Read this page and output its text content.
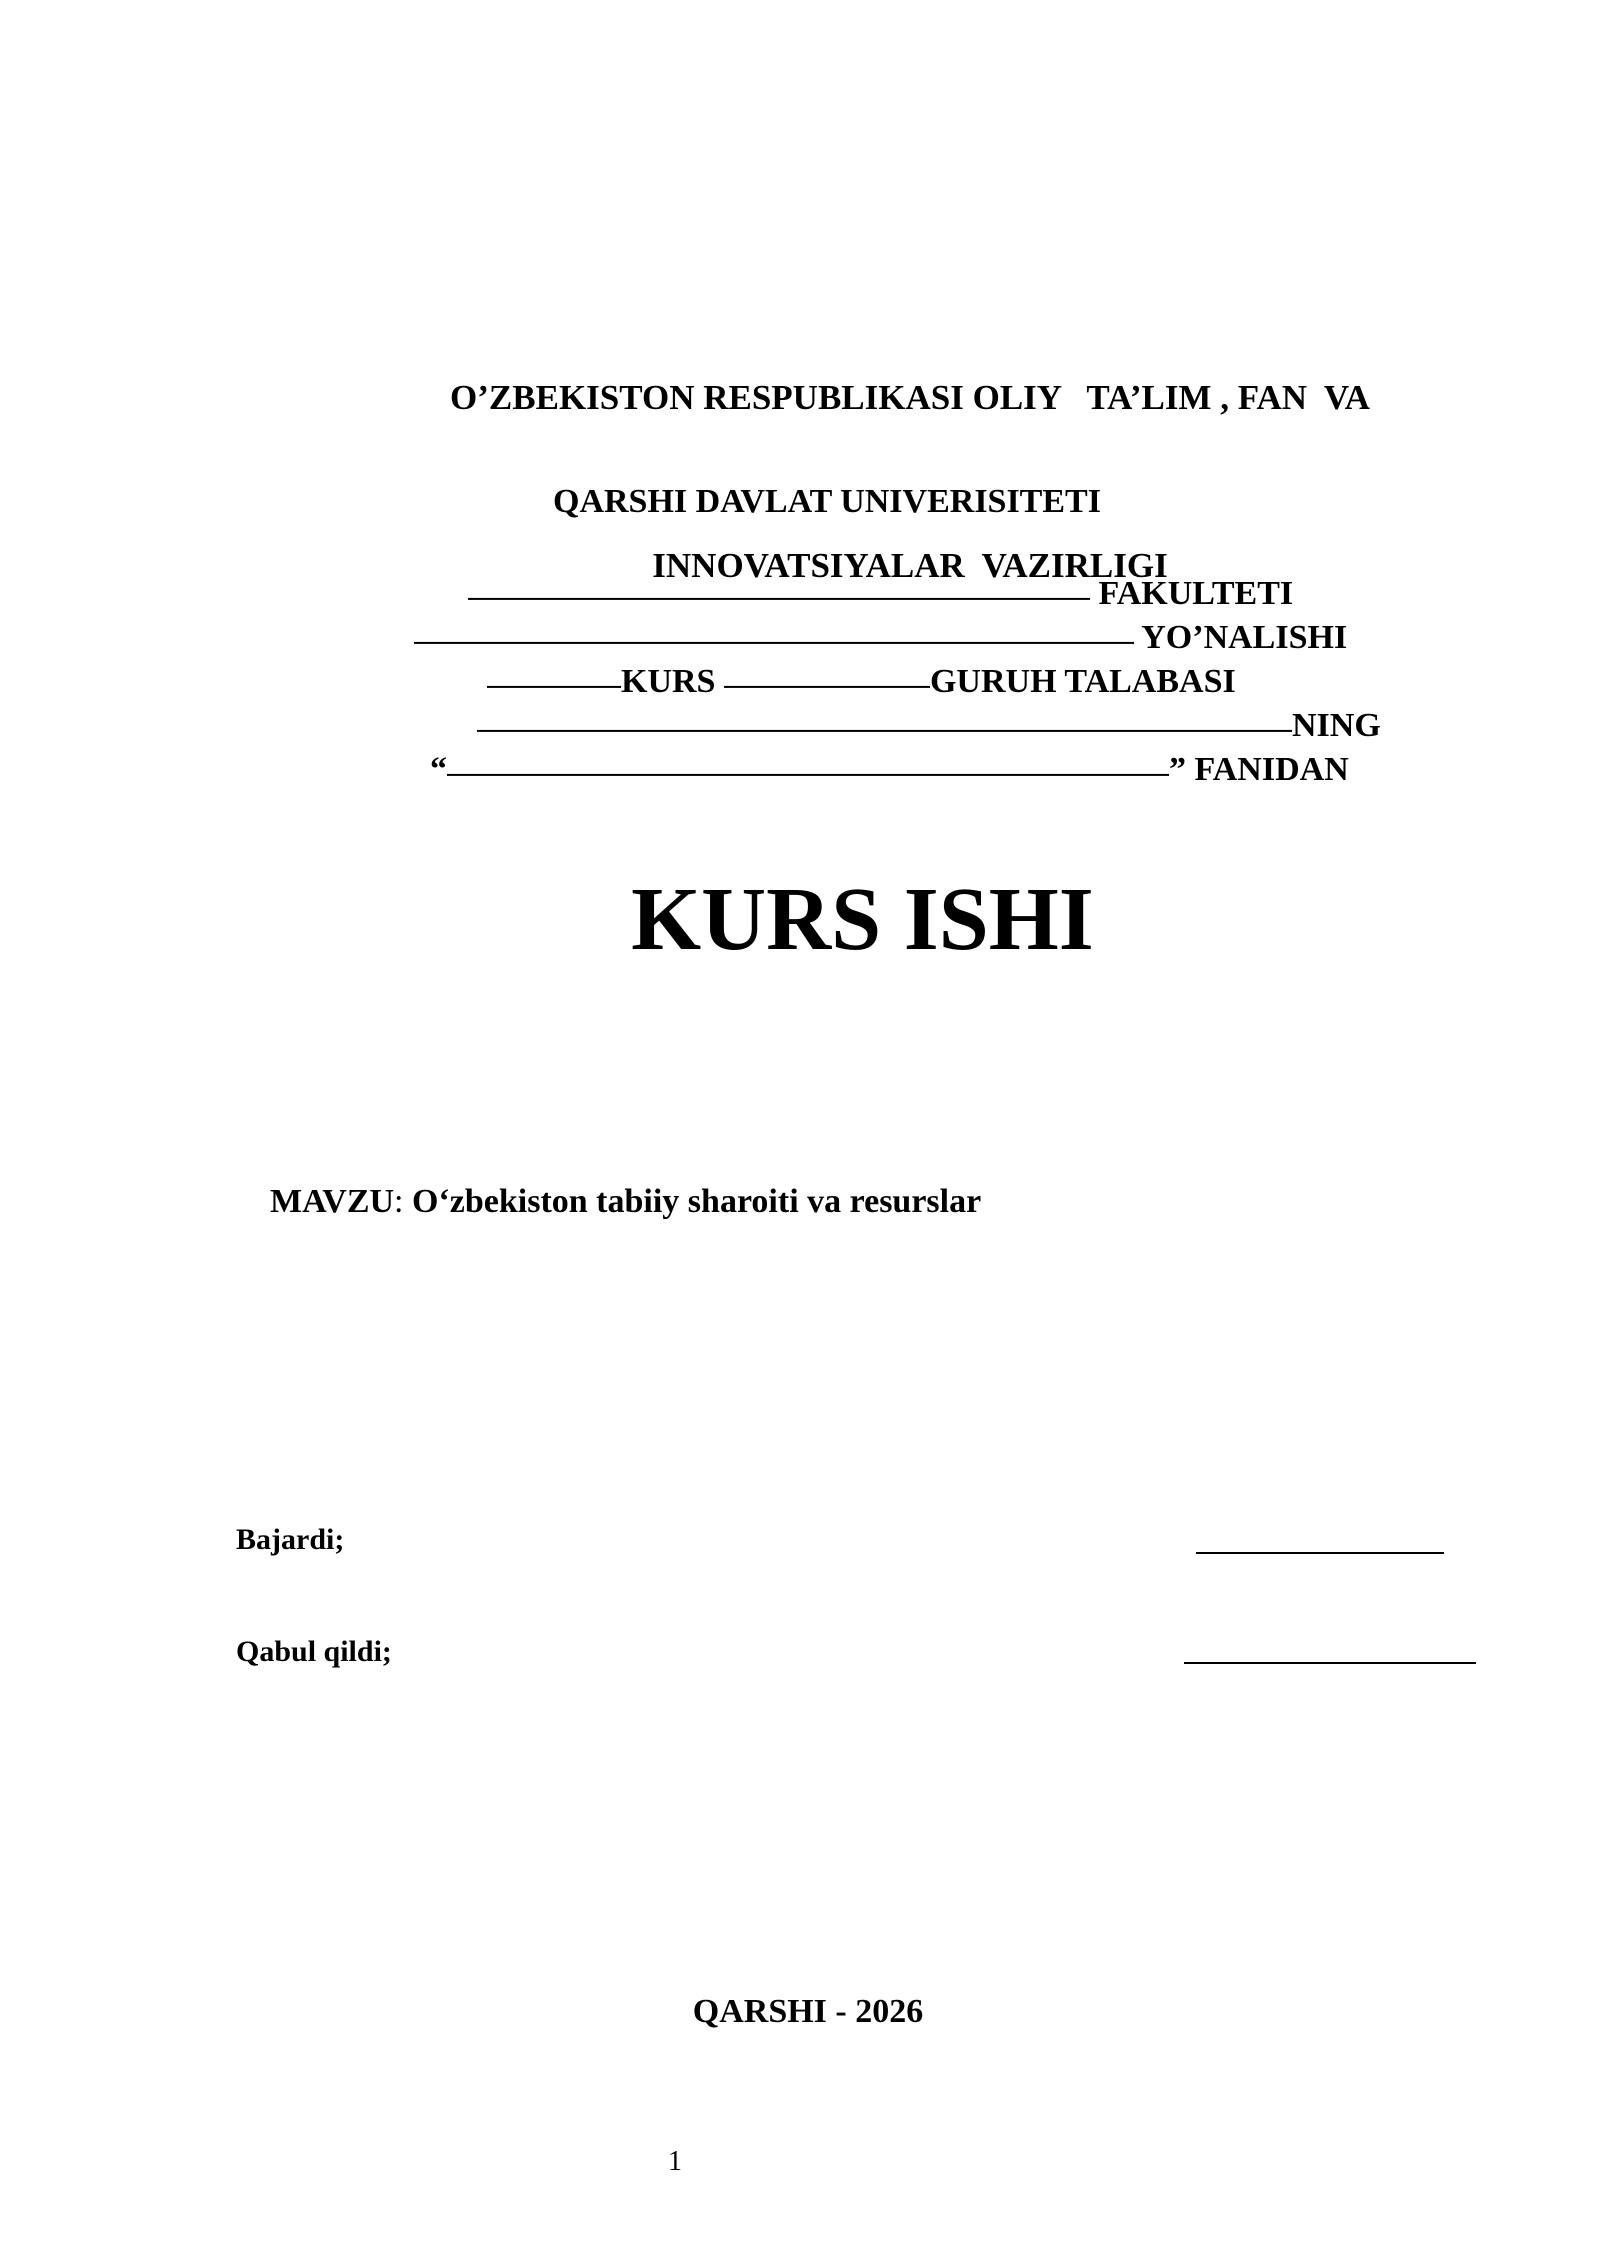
O’ZBEKISTON RESPUBLIKASI OLIY   TA’LIM , FAN  VA

INNOVATSIYALAR  VAZIRLIGI

QARSHI DAVLAT UNIVERISITETI

FAKULTETI

YO’NALISHI

KURS	GURUH TALABASI

NING

“	” FANIDAN

KURS ISHI

MAVZU: O‘zbekiston tabiiy sharoiti va resurslar

Bajardi;
Qabul qildi;
QARSHI - 2026
1
